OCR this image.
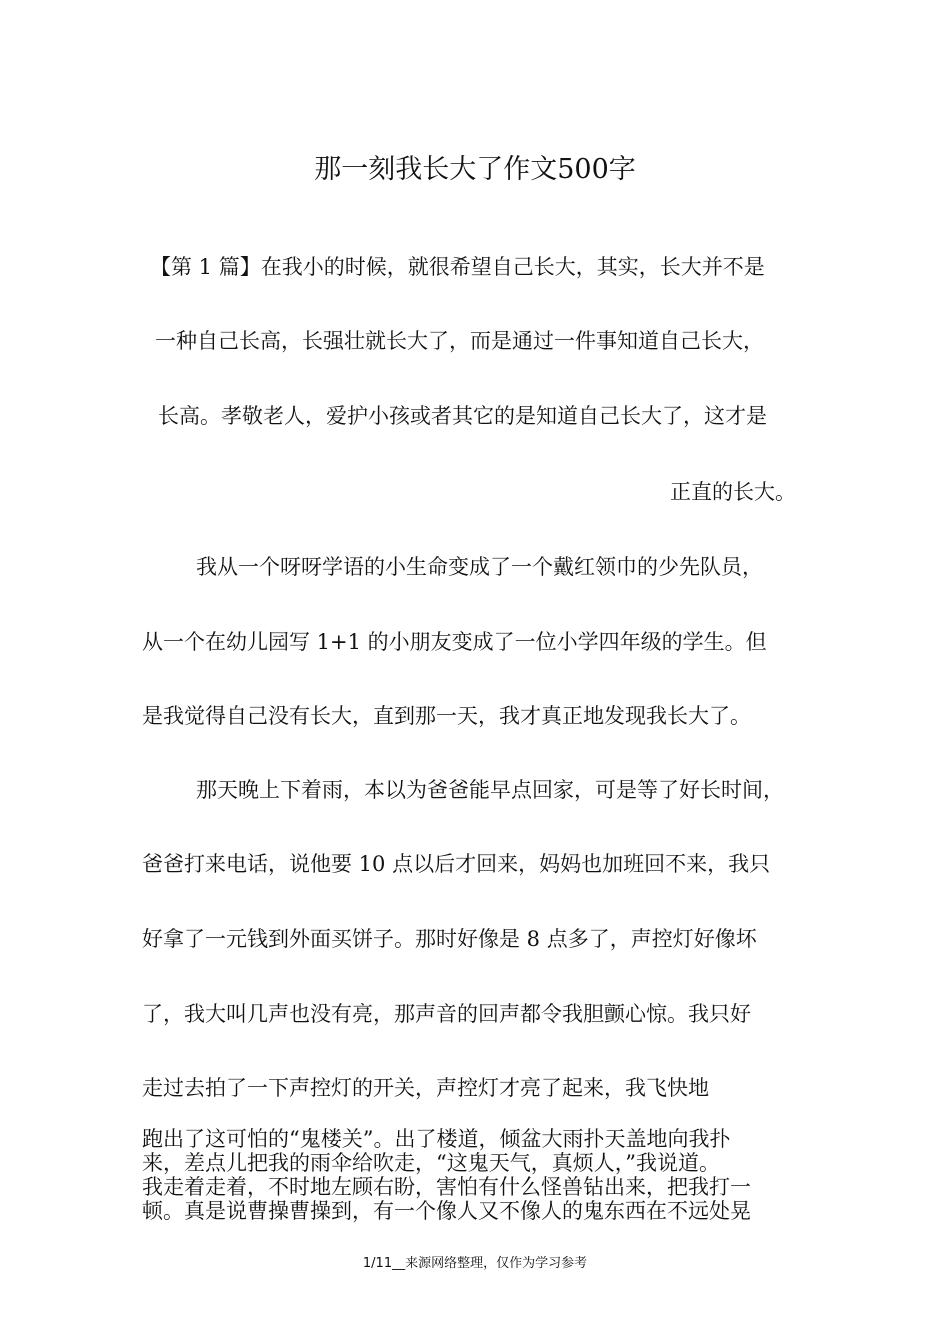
那一刻我长大了作文500字
【第 1 篇】在我小的时候，就很希望自己长大，其实，长大并不是
一种自己长高，长强壮就长大了，而是通过一件事知道自己长大，
长高。孝敬老人，爱护小孩或者其它的是知道自己长大了，这才是
正直的长大。
我从一个呀呀学语的小生命变成了一个戴红领巾的少先队员，
从一个在幼儿园写 1+1 的小朋友变成了一位小学四年级的学生。但
是我觉得自己没有长大，直到那一天，我才真正地发现我长大了。
那天晚上下着雨，本以为爸爸能早点回家，可是等了好长时间，
爸爸打来电话，说他要 10 点以后才回来，妈妈也加班回不来，我只
好拿了一元钱到外面买饼子。那时好像是 8 点多了，声控灯好像坏
了，我大叫几声也没有亮，那声音的回声都令我胆颤心惊。我只好
走过去拍了一下声控灯的开关，声控灯才亮了起来，我飞快地
跑出了这可怕的“鬼楼关”。出了楼道，倾盆大雨扑天盖地向我扑
来，差点儿把我的雨伞给吹走，“这鬼天气，真烦人，”我说道。
我走着走着，不时地左顾右盼，害怕有什么怪兽钻出来，把我打一
顿。真是说曹操曹操到，有一个像人又不像人的鬼东西在不远处晃
1/11__来源网络整理，仅作为学习参考
